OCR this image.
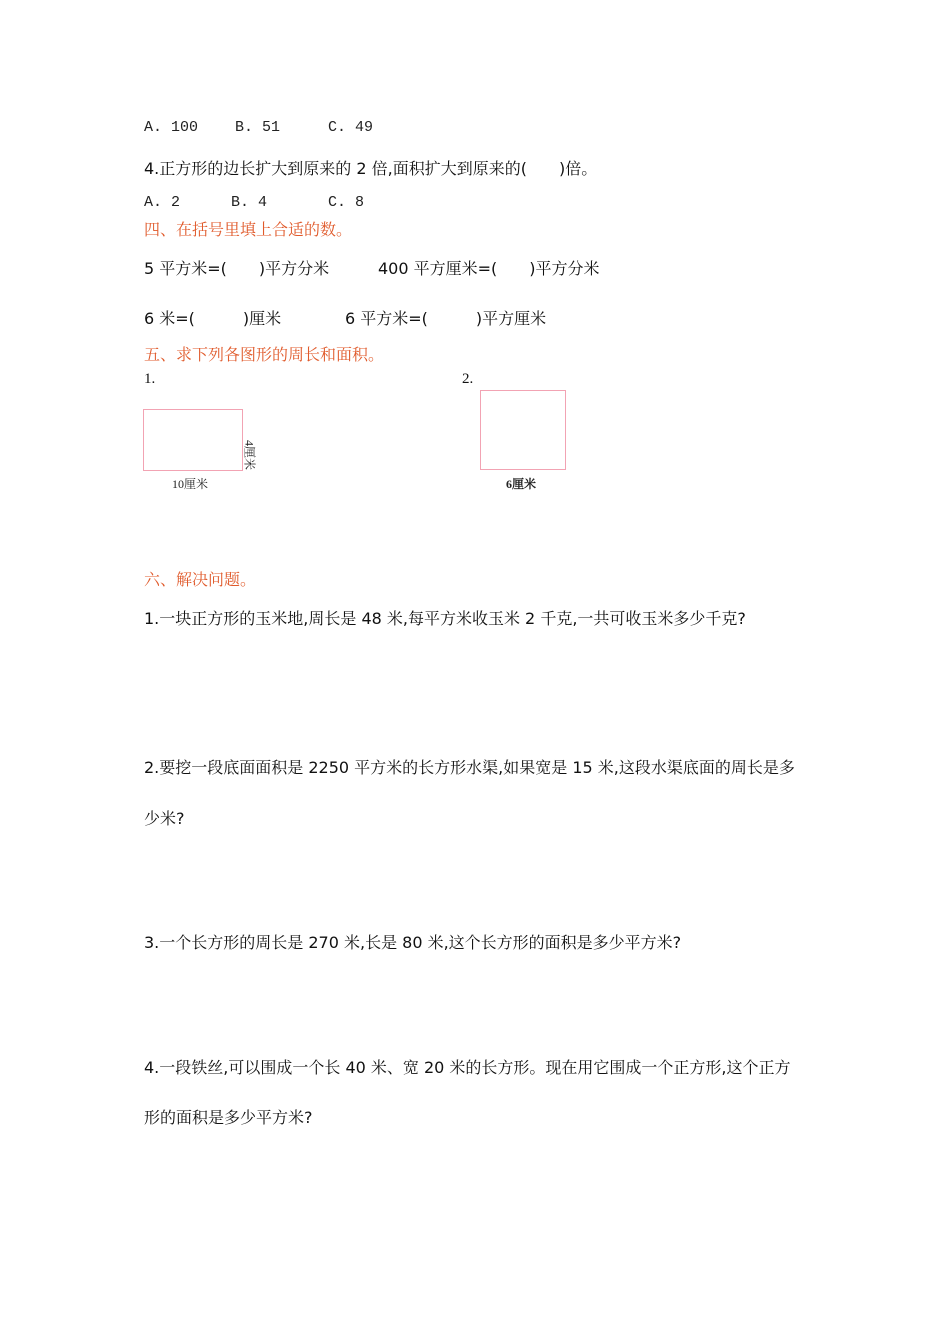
A. 100 B. 51	C. 49
4.正方形的边长扩大到原来的 2 倍,面积扩大到原来的(　　)倍。
A. 2	B. 4	C. 8
四、在括号里填上合适的数。
5 平方米=(　　)平方分米	400 平方厘米=(　　)平方分米
6 米=(　　　)厘米	6 平方米=(　　　)平方厘米
五、求下列各图形的周长和面积。
1.	2.
4厘米
10厘米	6厘米
六、解决问题。
1.一块正方形的玉米地,周长是 48 米,每平方米收玉米 2 千克,一共可收玉米多少千克?
2.要挖一段底面面积是 2250 平方米的长方形水渠,如果宽是 15 米,这段水渠底面的周长是多
少米?
3.一个长方形的周长是 270 米,长是 80 米,这个长方形的面积是多少平方米?
4.一段铁丝,可以围成一个长 40 米、宽 20 米的长方形。现在用它围成一个正方形,这个正方
形的面积是多少平方米?
